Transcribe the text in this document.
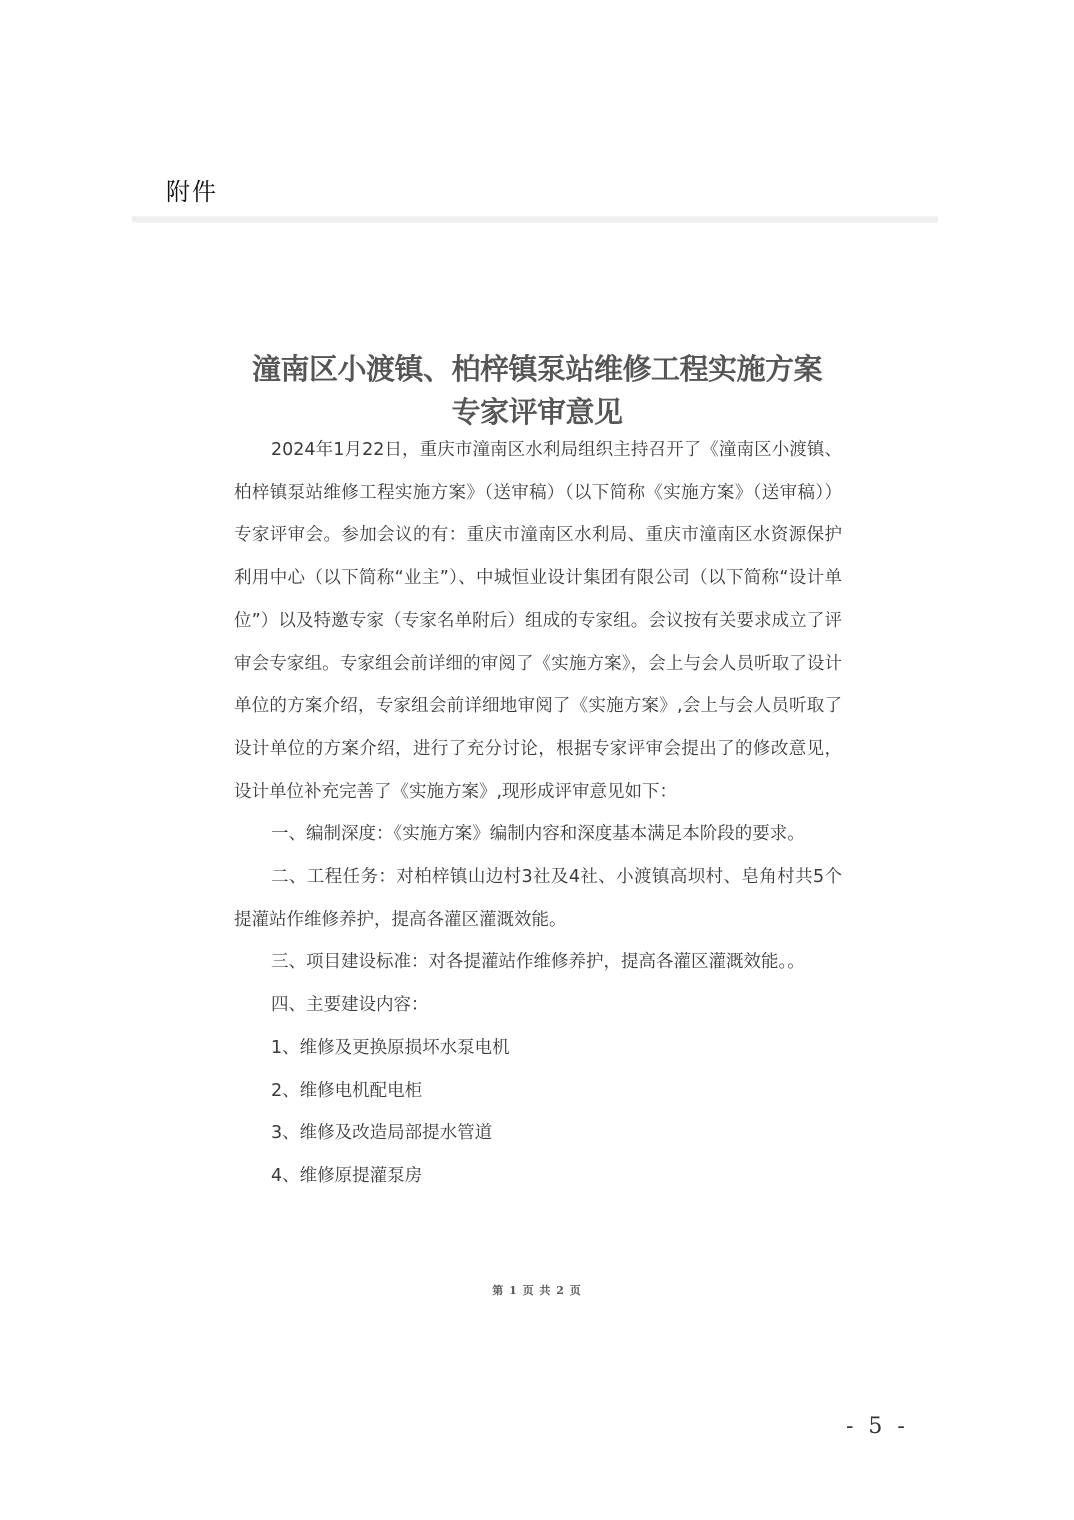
附件
潼南区小渡镇、柏梓镇泵站维修工程实施方案
专家评审意见

2024年1月22日，重庆市潼南区水利局组织主持召开了《潼南区小渡镇、柏梓镇泵站维修工程实施方案》（送审稿）（以下简称《实施方案》（送审稿））专家评审会。参加会议的有：重庆市潼南区水利局、重庆市潼南区水资源保护利用中心（以下简称“业主”）、中城恒业设计集团有限公司（以下简称“设计单位”）以及特邀专家（专家名单附后）组成的专家组。会议按有关要求成立了评审会专家组。专家组会前详细的审阅了《实施方案》，会上与会人员听取了设计单位的方案介绍，专家组会前详细地审阅了《实施方案》,会上与会人员听取了设计单位的方案介绍，进行了充分讨论，根据专家评审会提出了的修改意见，设计单位补充完善了《实施方案》,现形成评审意见如下：

一、编制深度：《实施方案》编制内容和深度基本满足本阶段的要求。

二、工程任务：对柏梓镇山边村3社及4社、小渡镇高坝村、皂角村共5个提灌站作维修养护，提高各灌区灌溉效能。

三、项目建设标准：对各提灌站作维修养护，提高各灌区灌溉效能。。

四、主要建设内容：

1、维修及更换原损坏水泵电机

2、维修电机配电柜

3、维修及改造局部提水管道

4、维修原提灌泵房

第 1 页 共 2 页
- 5 -
